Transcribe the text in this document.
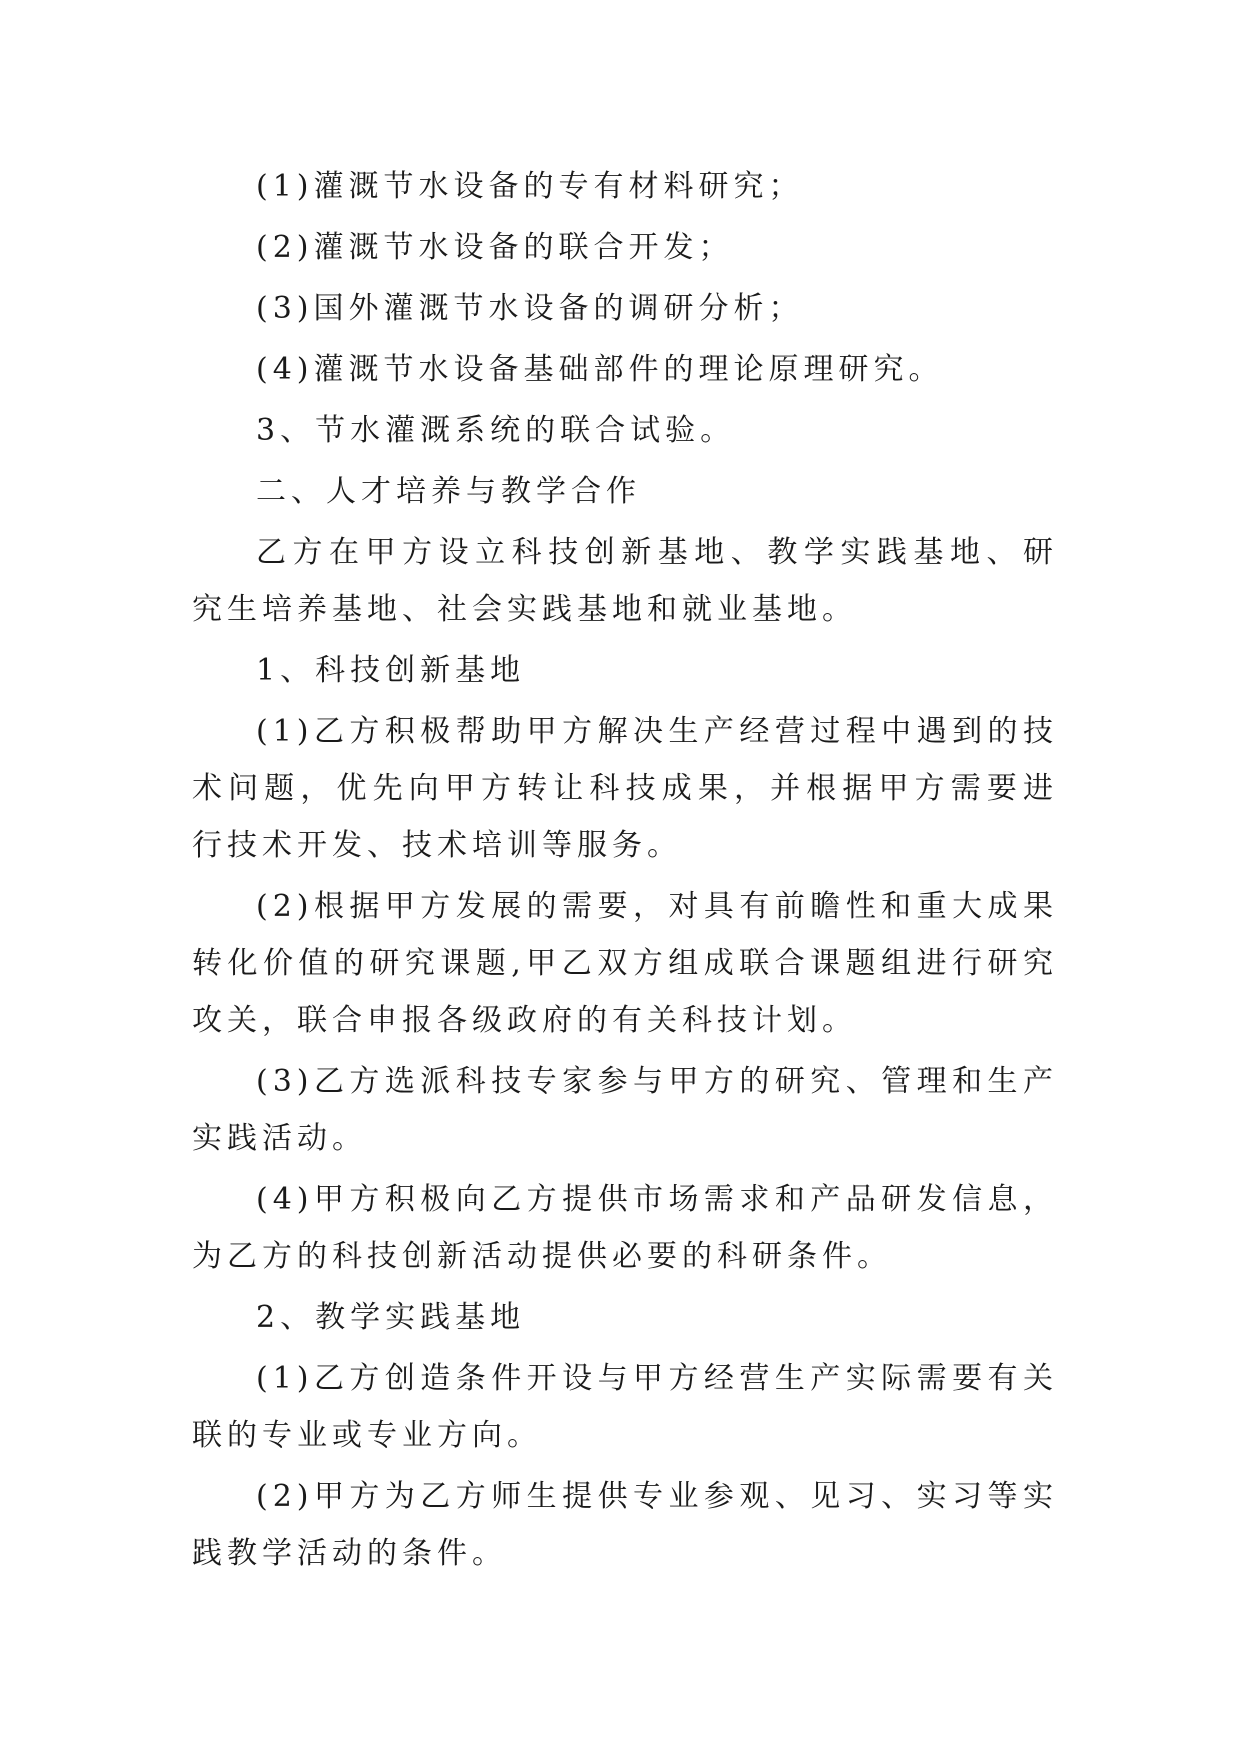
(1)灌溉节水设备的专有材料研究；

(2)灌溉节水设备的联合开发；

(3)国外灌溉节水设备的调研分析；

(4)灌溉节水设备基础部件的理论原理研究。

3、节水灌溉系统的联合试验。

二、人才培养与教学合作

乙方在甲方设立科技创新基地、教学实践基地、研究生培养基地、社会实践基地和就业基地。

1、科技创新基地

(1)乙方积极帮助甲方解决生产经营过程中遇到的技术问题，优先向甲方转让科技成果，并根据甲方需要进行技术开发、技术培训等服务。

(2)根据甲方发展的需要，对具有前瞻性和重大成果转化价值的研究课题,甲乙双方组成联合课题组进行研究攻关，联合申报各级政府的有关科技计划。

(3)乙方选派科技专家参与甲方的研究、管理和生产实践活动。

(4)甲方积极向乙方提供市场需求和产品研发信息，为乙方的科技创新活动提供必要的科研条件。

2、教学实践基地

(1)乙方创造条件开设与甲方经营生产实际需要有关联的专业或专业方向。

(2)甲方为乙方师生提供专业参观、见习、实习等实践教学活动的条件。
